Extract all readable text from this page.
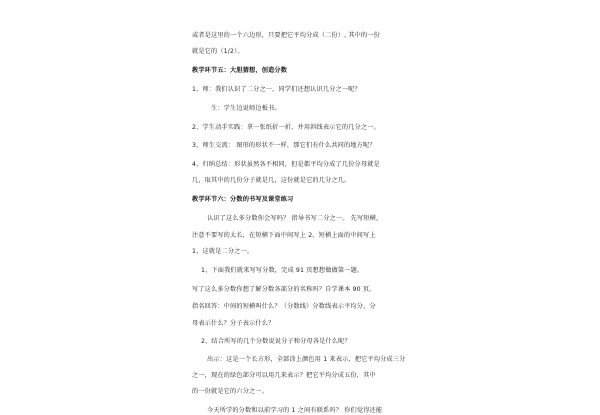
或者是这里的一个六边形，只要把它平均分成（二份）, 其中的一份
就是它的（1/2）。
教学环节五：大胆猜想，创造分数
1、师：我们认识了二分之一，同学们还想认识几分之一呢？
生：学生边说师边板书。
2、学生动手实践：拿一张纸折一折，并用斜线表示它的几分之一。
3、师生交流： 图形的形状不一样，那它们有什么共同的地方呢？
4、归纳总结：形状虽然各不相同，但是都平均分成了几份分母就是
几，取其中的几份分子就是几，这份就是它的几分之几。
教学环节六：分数的书写及课堂练习
认识了这么多分数你会写吗？ 指导书写二分之一。 先写短横，
注意不要写的太长，在短横下面中间写上 2，短横上面的中间写上
1，这就是二分之一。
1、下面我们就来写写分数，完成 91 页想想做做第一题。
写了这么多分数你想了解分数各部分的名称吗？自学课本 90 页。
指名回答：中间的短横叫什么？（分数线）分数线表示平均分，分
母表示什么？分子表示什么？
2、结合所写的几个分数说说分子和分母各是什么呢？
出示：这是一个长方形，全部涂上颜色用 1 来表示，把它平均分成三分
之一，现在的绿色部分可以用几来表示？把它平均分成五份，其中
的一份就是它的六分之一。
今天所学的分数和以前学习的 1 之间有联系吗？ 你们觉得还能
